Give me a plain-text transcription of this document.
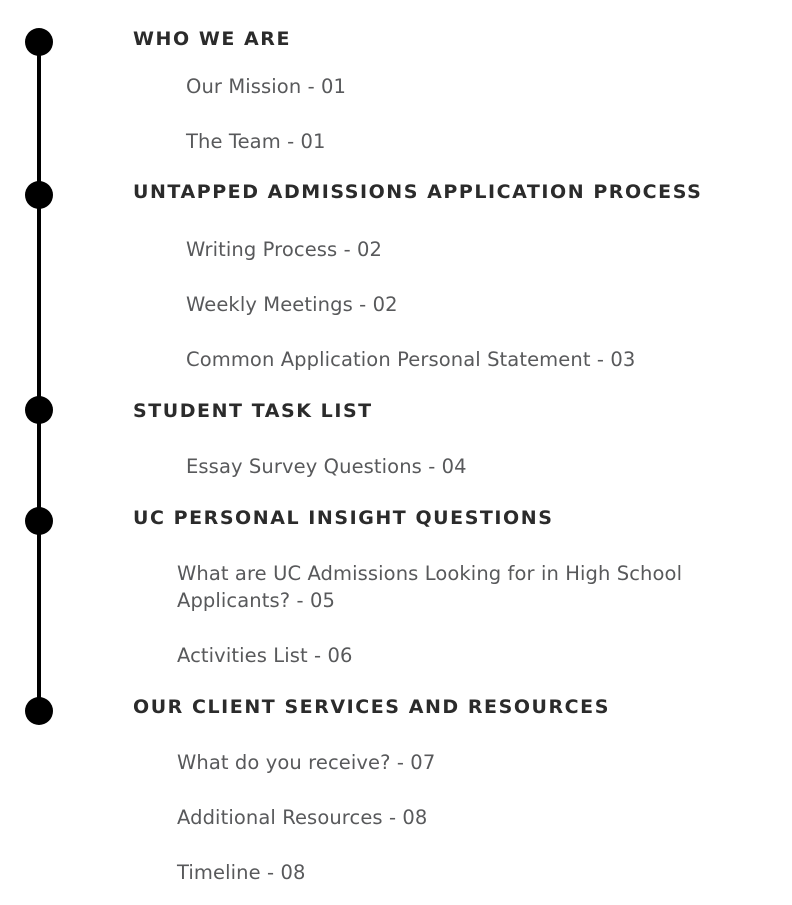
WHO WE ARE
Our Mission - 01
The Team - 01
UNTAPPED ADMISSIONS APPLICATION PROCESS
Writing Process - 02
Weekly Meetings - 02
Common Application Personal Statement - 03
STUDENT TASK LIST
Essay Survey Questions - 04
UC PERSONAL INSIGHT QUESTIONS
What are UC Admissions Looking for in High School Applicants? - 05
Activities List - 06
OUR CLIENT SERVICES AND RESOURCES
What do you receive? - 07
Additional Resources - 08
Timeline - 08
